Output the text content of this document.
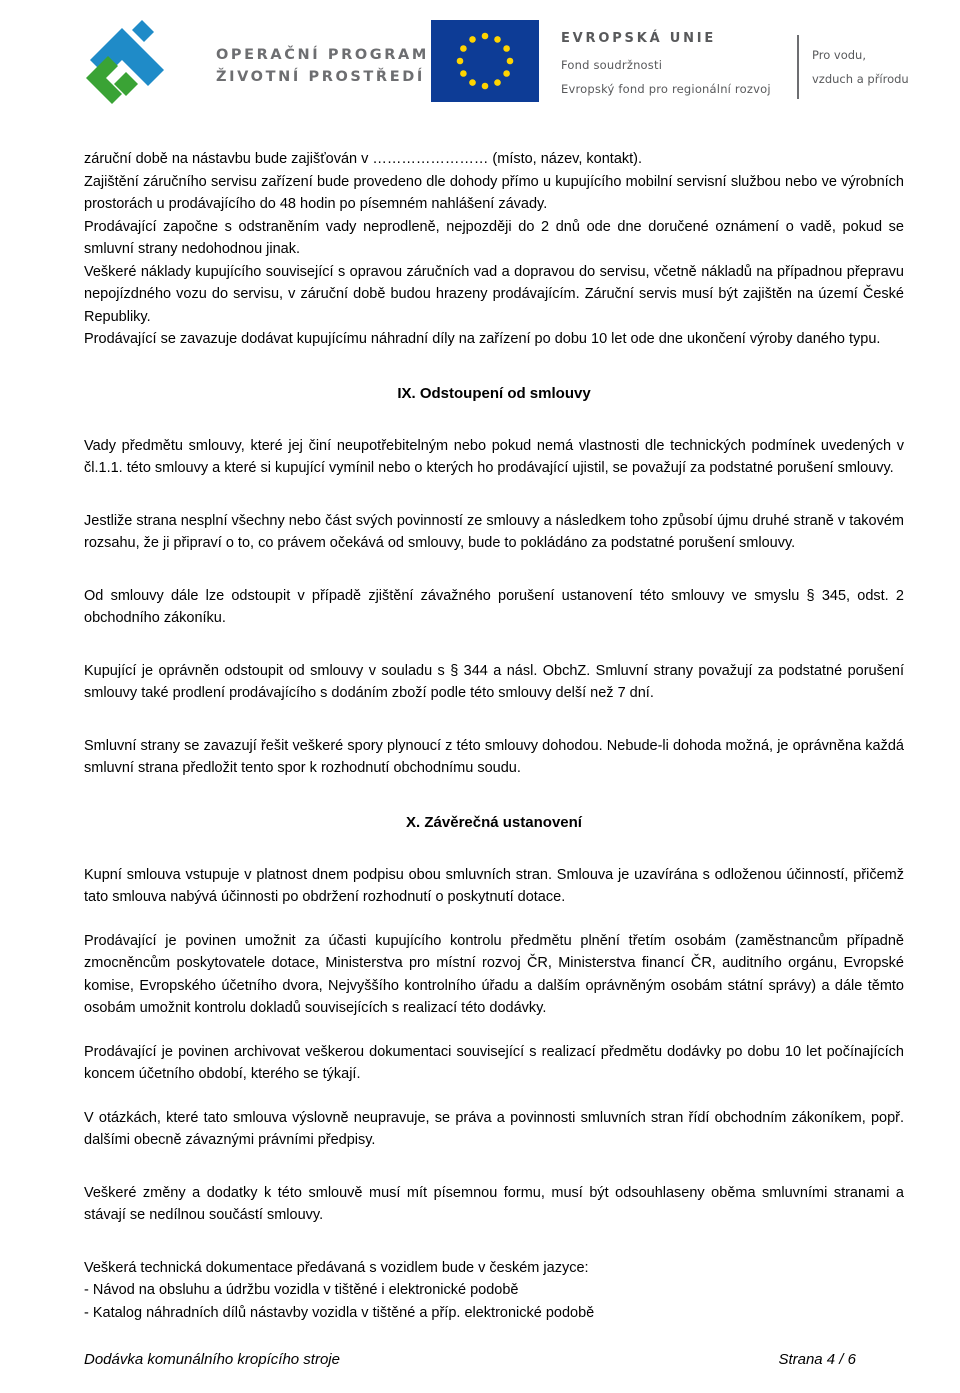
OPERAČNÍ PROGRAM
ŽIVOTNÍ PROSTŘEDÍ
EVROPSKÁ UNIE
Fond soudržnosti
Evropský fond pro regionální rozvoj
Pro vodu,
vzduch a přírodu

záruční době na nástavbu bude zajišťován v …………………… (místo, název, kontakt).

Zajištění záručního servisu zařízení bude provedeno dle dohody přímo u kupujícího mobilní servisní službou nebo ve výrobních prostorách u prodávajícího do 48 hodin po písemném nahlášení závady.

Prodávající započne s odstraněním vady neprodleně, nejpozději do 2 dnů ode dne doručené oznámení o vadě, pokud se smluvní strany nedohodnou jinak.

Veškeré náklady kupujícího související s opravou záručních vad a dopravou do servisu, včetně nákladů na případnou přepravu nepojízdného vozu do servisu, v záruční době budou hrazeny prodávajícím. Záruční servis musí být zajištěn na území České Republiky.

Prodávající se zavazuje dodávat kupujícímu náhradní díly na zařízení po dobu 10 let ode dne ukončení výroby daného typu.

IX. Odstoupení od smlouvy

Vady předmětu smlouvy, které jej činí neupotřebitelným nebo pokud nemá vlastnosti dle technických podmínek uvedených v čl.1.1. této smlouvy a které si kupující vymínil nebo o kterých ho prodávající ujistil, se považují za podstatné porušení smlouvy.

Jestliže strana nesplní všechny nebo část svých povinností ze smlouvy a následkem toho způsobí újmu druhé straně v takovém rozsahu, že ji připraví o to, co právem očekává od smlouvy, bude to pokládáno za podstatné porušení smlouvy.

Od smlouvy dále lze odstoupit v případě zjištění závažného porušení ustanovení této smlouvy ve smyslu § 345, odst. 2 obchodního zákoníku.

Kupující je oprávněn odstoupit od smlouvy v souladu s § 344 a násl. ObchZ. Smluvní strany považují za podstatné porušení smlouvy také prodlení prodávajícího s dodáním zboží podle této smlouvy delší než 7 dní.

Smluvní strany se zavazují řešit veškeré spory plynoucí z této smlouvy dohodou. Nebude-li dohoda možná, je oprávněna každá smluvní strana předložit tento spor k rozhodnutí obchodnímu soudu.

X. Závěrečná ustanovení

Kupní smlouva vstupuje v platnost dnem podpisu obou smluvních stran. Smlouva je uzavírána s odloženou účinností, přičemž tato smlouva nabývá účinnosti po obdržení rozhodnutí o poskytnutí dotace.

Prodávající je povinen umožnit za účasti kupujícího kontrolu předmětu plnění třetím osobám (zaměstnancům případně zmocněncům poskytovatele dotace, Ministerstva pro místní rozvoj ČR, Ministerstva financí ČR, auditního orgánu, Evropské komise, Evropského účetního dvora, Nejvyššího kontrolního úřadu a dalším oprávněným osobám státní správy) a dále těmto osobám umožnit kontrolu dokladů souvisejících s realizací této dodávky.

Prodávající je povinen archivovat veškerou dokumentaci související s realizací předmětu dodávky po dobu 10 let počínajících koncem účetního období, kterého se týkají.

V otázkách, které tato smlouva výslovně neupravuje, se práva a povinnosti smluvních stran řídí obchodním zákoníkem, popř. dalšími obecně závaznými právními předpisy.

Veškeré změny a dodatky k této smlouvě musí mít písemnou formu, musí být odsouhlaseny oběma smluvními stranami a stávají se nedílnou součástí smlouvy.

Veškerá technická dokumentace předávaná s vozidlem bude v českém jazyce:

- Návod na obsluhu a údržbu vozidla v tištěné i elektronické podobě

- Katalog náhradních dílů nástavby vozidla v tištěné a příp. elektronické podobě

Dodávka komunálního kropícího stroje	Strana 4 / 6
